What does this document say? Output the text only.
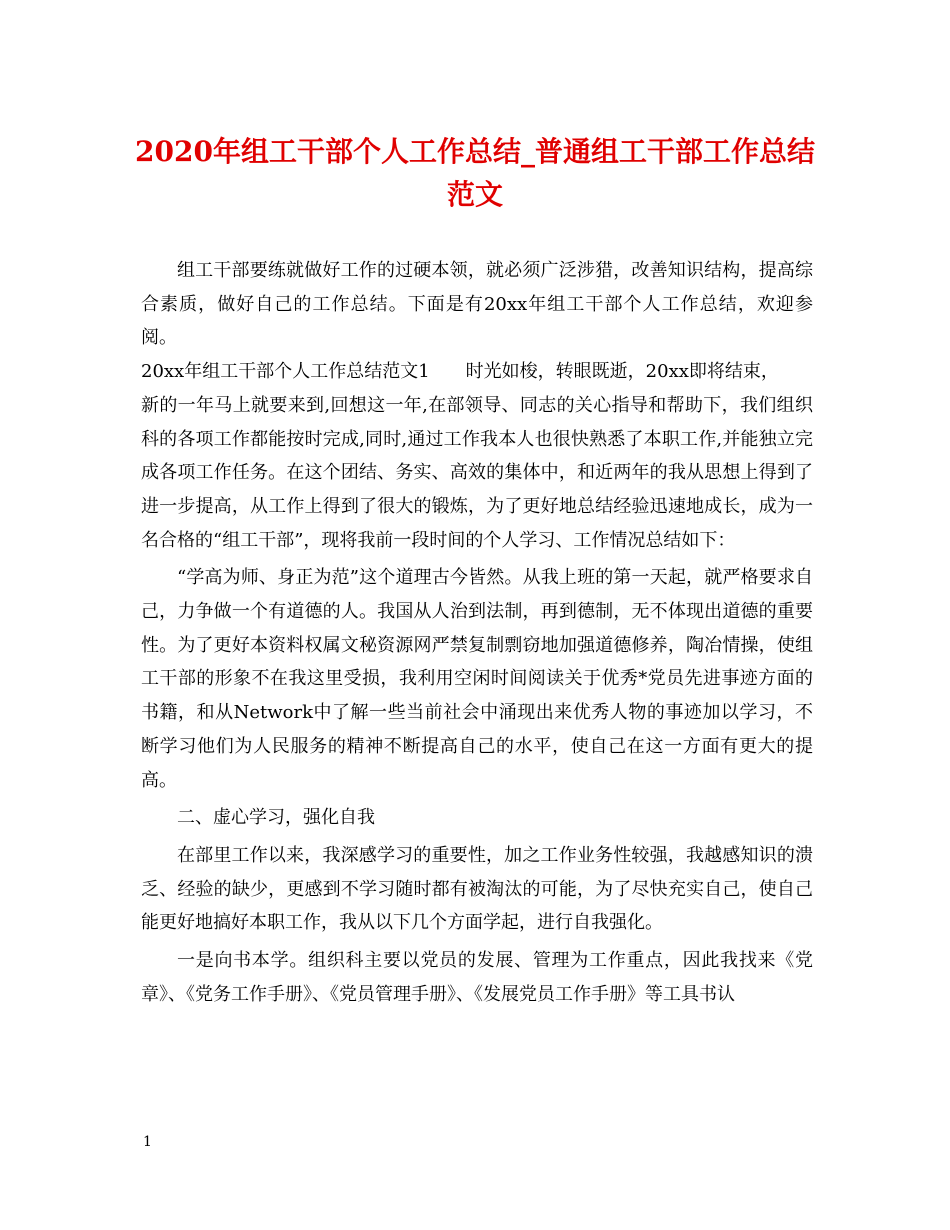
2020年组工干部个人工作总结_普通组工干部工作总结
范文

组工干部要练就做好工作的过硬本领，就必须广泛涉猎，改善知识结构，提高综合素质，做好自己的工作总结。下面是有20xx年组工干部个人工作总结，欢迎参阅。

20xx年组工干部个人工作总结范文1 时光如梭，转眼既逝，20xx即将结束，

新的一年马上就要来到,回想这一年,在部领导、同志的关心指导和帮助下，我们组织科的各项工作都能按时完成,同时,通过工作我本人也很快熟悉了本职工作,并能独立完成各项工作任务。在这个团结、务实、高效的集体中，和近两年的我从思想上得到了进一步提高，从工作上得到了很大的锻炼，为了更好地总结经验迅速地成长，成为一名合格的“组工干部”，现将我前一段时间的个人学习、工作情况总结如下：

“学高为师、身正为范”这个道理古今皆然。从我上班的第一天起，就严格要求自己，力争做一个有道德的人。我国从人治到法制，再到德制，无不体现出道德的重要性。为了更好本资料权属文秘资源网严禁复制剽窃地加强道德修养，陶冶情操，使组工干部的形象不在我这里受损，我利用空闲时间阅读关于优秀*党员先进事迹方面的书籍，和从Network中了解一些当前社会中涌现出来优秀人物的事迹加以学习，不断学习他们为人民服务的精神不断提高自己的水平，使自己在这一方面有更大的提高。

二、虚心学习，强化自我

在部里工作以来，我深感学习的重要性，加之工作业务性较强，我越感知识的溃乏、经验的缺少，更感到不学习随时都有被淘汰的可能，为了尽快充实自己，使自己能更好地搞好本职工作，我从以下几个方面学起，进行自我强化。

一是向书本学。组织科主要以党员的发展、管理为工作重点，因此我找来《党章》、《党务工作手册》、《党员管理手册》、《发展党员工作手册》等工具书认

1
